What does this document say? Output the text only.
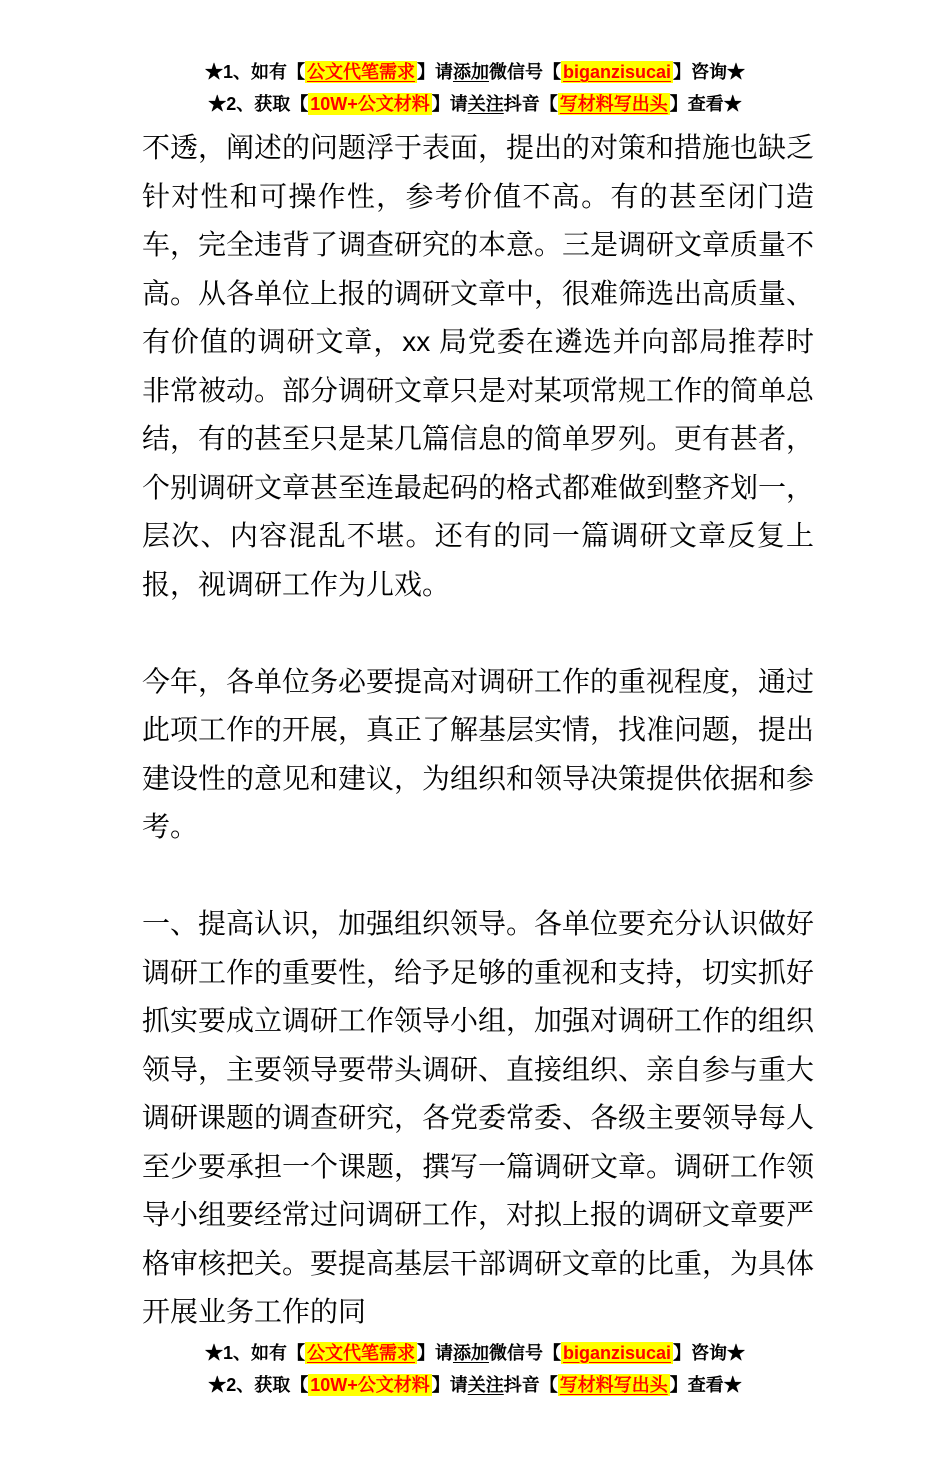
★1、如有【 公文代笔需求 】请添加微信号【 biganzisucai 】咨询★

★2、获取【 10W+公文材料 】请关注抖音【 写材料写出头 】查看★

不透，阐述的问题浮于表面，提出的对策和措施也缺乏针对性和可操作性，参考价值不高。有的甚至闭门造车，完全违背了调查研究的本意。三是调研文章质量不高。从各单位上报的调研文章中，很难筛选出高质量、有价值的调研文章，xx 局党委在遴选并向部局推荐时非常被动。部分调研文章只是对某项常规工作的简单总结，有的甚至只是某几篇信息的简单罗列。更有甚者，个别调研文章甚至连最起码的格式都难做到整齐划一，层次、内容混乱不堪。还有的同一篇调研文章反复上报，视调研工作为儿戏。

今年，各单位务必要提高对调研工作的重视程度，通过此项工作的开展，真正了解基层实情，找准问题，提出建设性的意见和建议，为组织和领导决策提供依据和参考。

一、提高认识，加强组织领导。各单位要充分认识做好调研工作的重要性，给予足够的重视和支持，切实抓好抓实要成立调研工作领导小组，加强对调研工作的组织领导，主要领导要带头调研、直接组织、亲自参与重大调研课题的调查研究，各党委常委、各级主要领导每人至少要承担一个课题，撰写一篇调研文章。调研工作领导小组要经常过问调研工作，对拟上报的调研文章要严格审核把关。要提高基层干部调研文章的比重，为具体开展业务工作的同

★1、如有【 公文代笔需求 】请添加微信号【 biganzisucai 】咨询★

★2、获取【 10W+公文材料 】请关注抖音【 写材料写出头 】查看★
